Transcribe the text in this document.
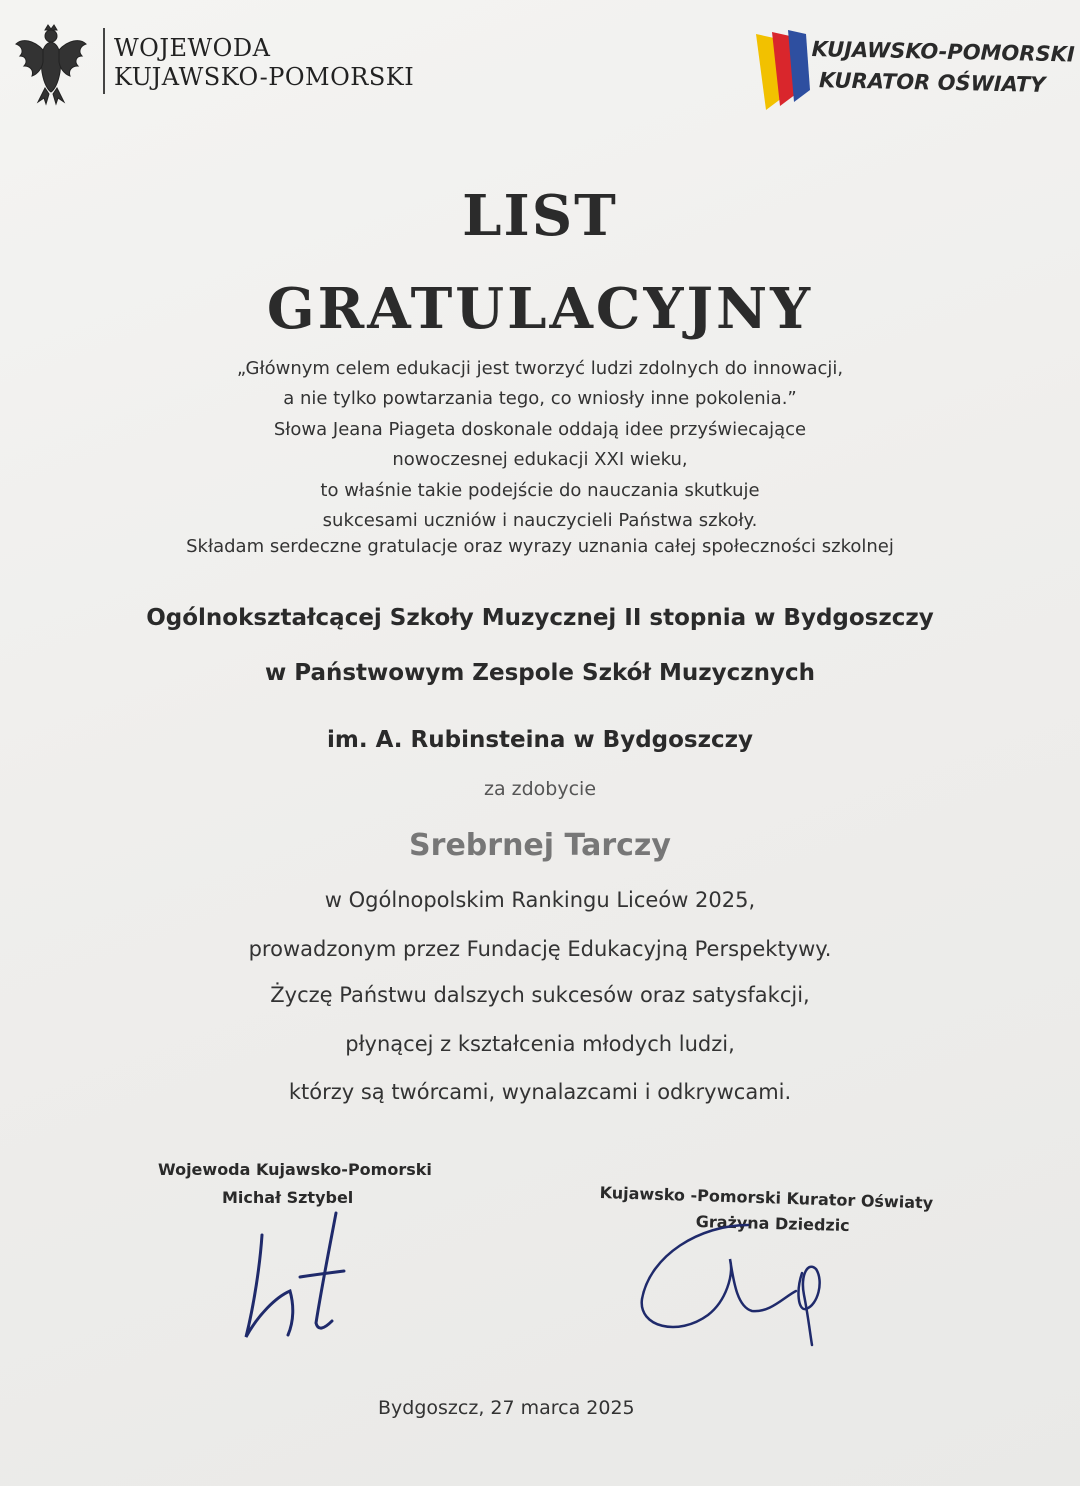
WOJEWODA
KUJAWSKO-POMORSKI
KUJAWSKO-POMORSKI
KURATOR OŚWIATY
LIST
GRATULACYJNY
„Głównym celem edukacji jest tworzyć ludzi zdolnych do innowacji,
a nie tylko powtarzania tego, co wniosły inne pokolenia.”
Słowa Jeana Piageta doskonale oddają idee przyświecające
nowoczesnej edukacji XXI wieku,
to właśnie takie podejście do nauczania skutkuje
sukcesami uczniów i nauczycieli Państwa szkoły.
Składam serdeczne gratulacje oraz wyrazy uznania całej społeczności szkolnej
Ogólnokształcącej Szkoły Muzycznej II stopnia w Bydgoszczy
w Państwowym Zespole Szkół Muzycznych
im. A. Rubinsteina w Bydgoszczy
za zdobycie
Srebrnej Tarczy
w Ogólnopolskim Rankingu Liceów 2025,
prowadzonym przez Fundację Edukacyjną Perspektywy.
Życzę Państwu dalszych sukcesów oraz satysfakcji,
płynącej z kształcenia młodych ludzi,
którzy są twórcami, wynalazcami i odkrywcami.
Wojewoda Kujawsko-Pomorski
Michał Sztybel	Kujawsko -Pomorski Kurator Oświaty
Grażyna Dziedzic
Bydgoszcz, 27 marca 2025
